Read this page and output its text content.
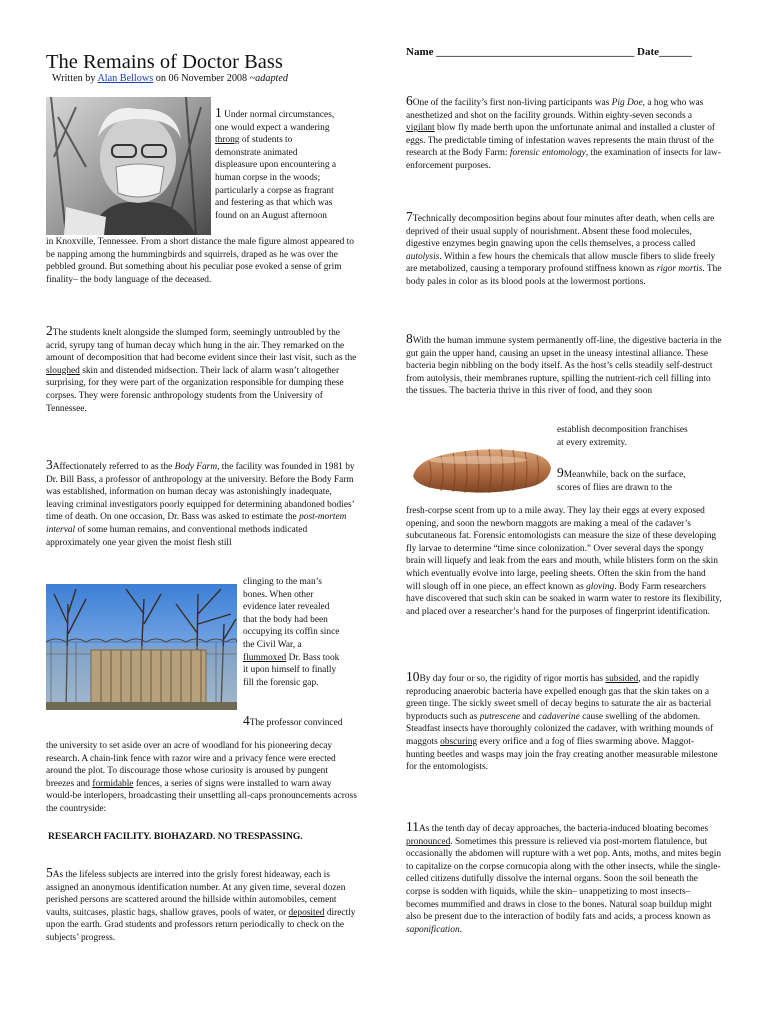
The Remains of Doctor Bass
Written by Alan Bellows on 06 November 2008 ~adapted
Name ____________________________________ Date______

1 Under normal circumstances,

one would expect a wandering

throng of students to

demonstrate animated

displeasure upon encountering a

human corpse in the woods;

particularly a corpse as fragrant

and festering as that which was

found on an August afternoon

in Knoxville, Tennessee. From a short distance the male figure almost appeared to be napping among the hummingbirds and squirrels, draped as he was over the pebbled ground. But something about his peculiar pose evoked a sense of grim finality– the body language of the deceased.

2The students knelt alongside the slumped form, seemingly untroubled by the acrid, syrupy tang of human decay which hung in the air. They remarked on the amount of decomposition that had become evident since their last visit, such as the sloughed skin and distended midsection. Their lack of alarm wasn’t altogether surprising, for they were part of the organization responsible for dumping these corpses. They were forensic anthropology students from the University of Tennessee.

3Affectionately referred to as the Body Farm, the facility was founded in 1981 by Dr. Bill Bass, a professor of anthropology at the university. Before the Body Farm was established, information on human decay was astonishingly inadequate, leaving criminal investigators poorly equipped for determining abandoned bodies’ time of death. On one occasion, Dr. Bass was asked to estimate the post-mortem interval of some human remains, and conventional methods indicated approximately one year given the moist flesh still

clinging to the man’s

bones. When other

evidence later revealed

that the body had been

occupying its coffin since

the Civil War, a

flummoxed Dr. Bass took

it upon himself to finally

fill the forensic gap.

4The professor convinced

the university to set aside over an acre of woodland for his pioneering decay research. A chain-link fence with razor wire and a privacy fence were erected around the plot. To discourage those whose curiosity is aroused by pungent breezes and formidable fences, a series of signs were installed to warn away would-be interlopers, broadcasting their unsettling all-caps pronouncements across the countryside:

RESEARCH FACILITY. BIOHAZARD. NO TRESPASSING.

5As the lifeless subjects are interred into the grisly forest hideaway, each is assigned an anonymous identification number. At any given time, several dozen perished persons are scattered around the hillside within automobiles, cement vaults, suitcases, plastic bags, shallow graves, pools of water, or deposited directly upon the earth. Grad students and professors return periodically to check on the subjects’ progress.

6One of the facility’s first non-living participants was Pig Doe, a hog who was anesthetized and shot on the facility grounds. Within eighty-seven seconds a vigilant blow fly made berth upon the unfortunate animal and installed a cluster of eggs. The predictable timing of infestation waves represents the main thrust of the research at the Body Farm: forensic entomology, the examination of insects for law-enforcement purposes.

7Technically decomposition begins about four minutes after death, when cells are deprived of their usual supply of nourishment. Absent these food molecules, digestive enzymes begin gnawing upon the cells themselves, a process called autolysis. Within a few hours the chemicals that allow muscle fibers to slide freely are metabolized, causing a temporary profound stiffness known as rigor mortis. The body pales in color as its blood pools at the lowermost portions.

8With the human immune system permanently off-line, the digestive bacteria in the gut gain the upper hand, causing an upset in the uneasy intestinal alliance. These bacteria begin nibbling on the body itself. As the host’s cells steadily self-destruct from autolysis, their membranes rupture, spilling the nutrient-rich cell filling into the tissues. The bacteria thrive in this river of food, and they soon

establish decomposition franchises

at every extremity.

9Meanwhile, back on the surface,

scores of flies are drawn to the

fresh-corpse scent from up to a mile away. They lay their eggs at every exposed opening, and soon the newborn maggots are making a meal of the cadaver’s subcutaneous fat. Forensic entomologists can measure the size of these developing fly larvae to determine “time since colonization.” Over several days the spongy brain will liquefy and leak from the ears and mouth, while blisters form on the skin which eventually evolve into large, peeling sheets. Often the skin from the hand will slough off in one piece, an effect known as gloving. Body Farm researchers have discovered that such skin can be soaked in warm water to restore its flexibility, and placed over a researcher’s hand for the purposes of fingerprint identification.

10By day four or so, the rigidity of rigor mortis has subsided, and the rapidly reproducing anaerobic bacteria have expelled enough gas that the skin takes on a green tinge. The sickly sweet smell of decay begins to saturate the air as bacterial byproducts such as putrescene and cadaverine cause swelling of the abdomen. Steadfast insects have thoroughly colonized the cadaver, with writhing mounds of maggots obscuring every orifice and a fog of flies swarming above. Maggot-hunting beetles and wasps may join the fray creating another measurable milestone for the entomologists.

11As the tenth day of decay approaches, the bacteria-induced bloating becomes pronounced. Sometimes this pressure is relieved via post-mortem flatulence, but occasionally the abdomen will rupture with a wet pop. Ants, moths, and mites begin to capitalize on the corpse cornucopia along with the other insects, while the single-celled citizens dutifully dissolve the internal organs. Soon the soil beneath the corpse is sodden with liquids, while the skin– unappetizing to most insects– becomes mummified and draws in close to the bones. Natural soap buildup might also be present due to the interaction of bodily fats and acids, a process known as saponification.
